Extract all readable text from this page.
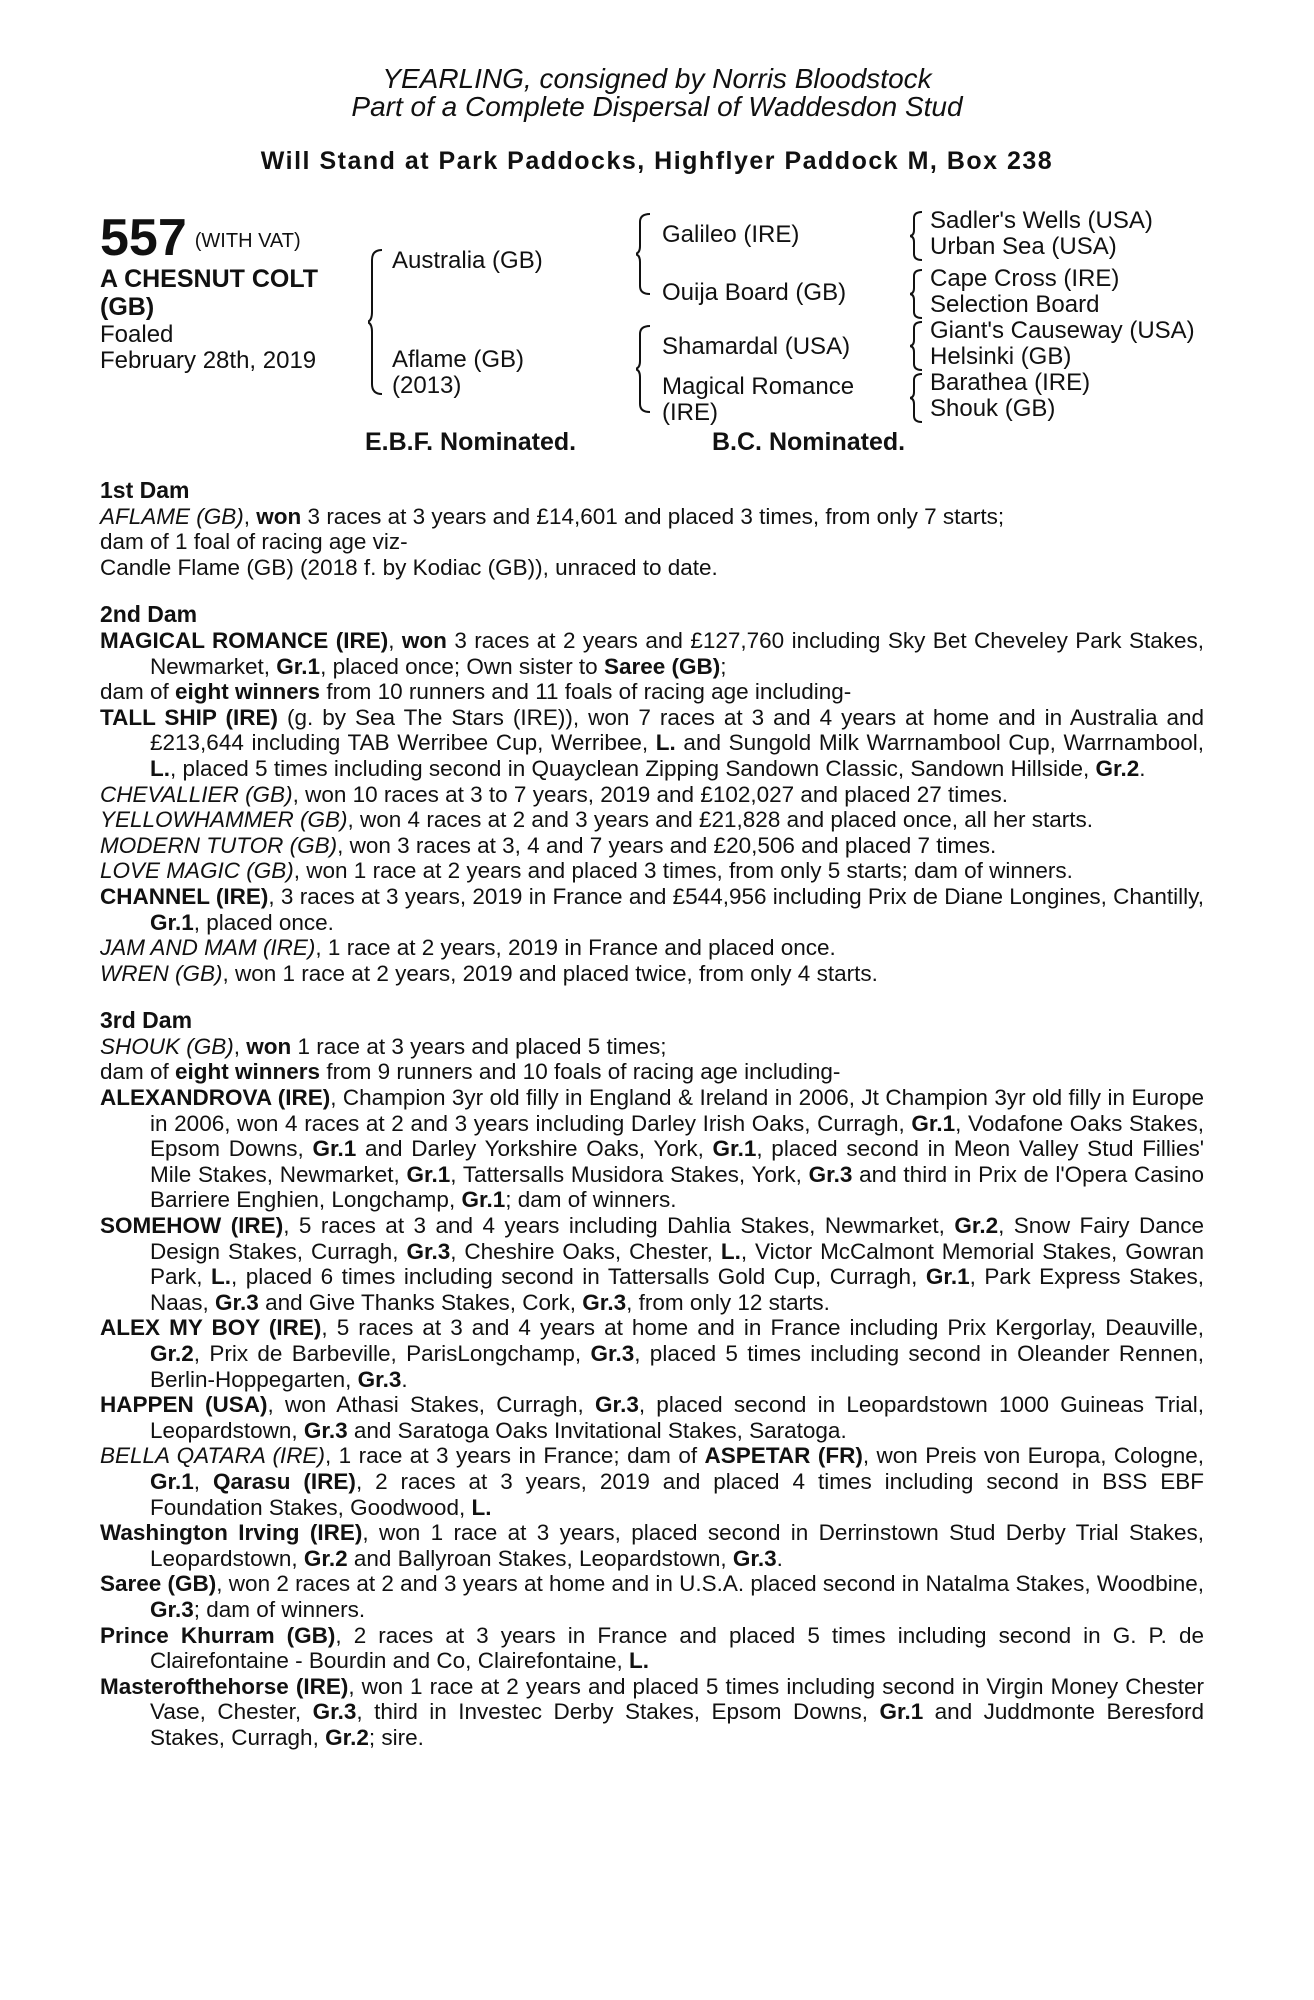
YEARLING, consigned by Norris Bloodstock
Part of a Complete Dispersal of Waddesdon Stud
Will Stand at Park Paddocks, Highflyer Paddock M, Box 238
557 (WITH VAT)
A CHESNUT COLT
(GB)
Foaled
February 28th, 2019
Australia (GB)
Aflame (GB)
(2013)
Galileo (IRE)
Ouija Board (GB)
Shamardal (USA)
Magical Romance
(IRE)
Sadler's Wells (USA)
Urban Sea (USA)
Cape Cross (IRE)
Selection Board
Giant's Causeway (USA)
Helsinki (GB)
Barathea (IRE)
Shouk (GB)
E.B.F. Nominated.	B.C. Nominated.

1st Dam

AFLAME (GB), won 3 races at 3 years and £14,601 and placed 3 times, from only 7 starts;

dam of 1 foal of racing age viz-

Candle Flame (GB) (2018 f. by Kodiac (GB)), unraced to date.

2nd Dam

MAGICAL ROMANCE (IRE), won 3 races at 2 years and £127,760 including Sky Bet Cheveley Park Stakes, Newmarket, Gr.1, placed once; Own sister to Saree (GB);

dam of eight winners from 10 runners and 11 foals of racing age including-

TALL SHIP (IRE) (g. by Sea The Stars (IRE)), won 7 races at 3 and 4 years at home and in Australia and £213,644 including TAB Werribee Cup, Werribee, L. and Sungold Milk Warrnambool Cup, Warrnambool, L., placed 5 times including second in Quayclean Zipping Sandown Classic, Sandown Hillside, Gr.2.

CHEVALLIER (GB), won 10 races at 3 to 7 years, 2019 and £102,027 and placed 27 times.

YELLOWHAMMER (GB), won 4 races at 2 and 3 years and £21,828 and placed once, all her starts.

MODERN TUTOR (GB), won 3 races at 3, 4 and 7 years and £20,506 and placed 7 times.

LOVE MAGIC (GB), won 1 race at 2 years and placed 3 times, from only 5 starts; dam of winners.

CHANNEL (IRE), 3 races at 3 years, 2019 in France and £544,956 including Prix de Diane Longines, Chantilly, Gr.1, placed once.

JAM AND MAM (IRE), 1 race at 2 years, 2019 in France and placed once.

WREN (GB), won 1 race at 2 years, 2019 and placed twice, from only 4 starts.

3rd Dam

SHOUK (GB), won 1 race at 3 years and placed 5 times;

dam of eight winners from 9 runners and 10 foals of racing age including-

ALEXANDROVA (IRE), Champion 3yr old filly in England & Ireland in 2006, Jt Champion 3yr old filly in Europe in 2006, won 4 races at 2 and 3 years including Darley Irish Oaks, Curragh, Gr.1, Vodafone Oaks Stakes, Epsom Downs, Gr.1 and Darley Yorkshire Oaks, York, Gr.1, placed second in Meon Valley Stud Fillies' Mile Stakes, Newmarket, Gr.1, Tattersalls Musidora Stakes, York, Gr.3 and third in Prix de l'Opera Casino Barriere Enghien, Longchamp, Gr.1; dam of winners.

SOMEHOW (IRE), 5 races at 3 and 4 years including Dahlia Stakes, Newmarket, Gr.2, Snow Fairy Dance Design Stakes, Curragh, Gr.3, Cheshire Oaks, Chester, L., Victor McCalmont Memorial Stakes, Gowran Park, L., placed 6 times including second in Tattersalls Gold Cup, Curragh, Gr.1, Park Express Stakes, Naas, Gr.3 and Give Thanks Stakes, Cork, Gr.3, from only 12 starts.

ALEX MY BOY (IRE), 5 races at 3 and 4 years at home and in France including Prix Kergorlay, Deauville, Gr.2, Prix de Barbeville, ParisLongchamp, Gr.3, placed 5 times including second in Oleander Rennen, Berlin-Hoppegarten, Gr.3.

HAPPEN (USA), won Athasi Stakes, Curragh, Gr.3, placed second in Leopardstown 1000 Guineas Trial, Leopardstown, Gr.3 and Saratoga Oaks Invitational Stakes, Saratoga.

BELLA QATARA (IRE), 1 race at 3 years in France; dam of ASPETAR (FR), won Preis von Europa, Cologne, Gr.1, Qarasu (IRE), 2 races at 3 years, 2019 and placed 4 times including second in BSS EBF Foundation Stakes, Goodwood, L.

Washington Irving (IRE), won 1 race at 3 years, placed second in Derrinstown Stud Derby Trial Stakes, Leopardstown, Gr.2 and Ballyroan Stakes, Leopardstown, Gr.3.

Saree (GB), won 2 races at 2 and 3 years at home and in U.S.A. placed second in Natalma Stakes, Woodbine, Gr.3; dam of winners.

Prince Khurram (GB), 2 races at 3 years in France and placed 5 times including second in G. P. de Clairefontaine - Bourdin and Co, Clairefontaine, L.

Masterofthehorse (IRE), won 1 race at 2 years and placed 5 times including second in Virgin Money Chester Vase, Chester, Gr.3, third in Investec Derby Stakes, Epsom Downs, Gr.1 and Juddmonte Beresford Stakes, Curragh, Gr.2; sire.
